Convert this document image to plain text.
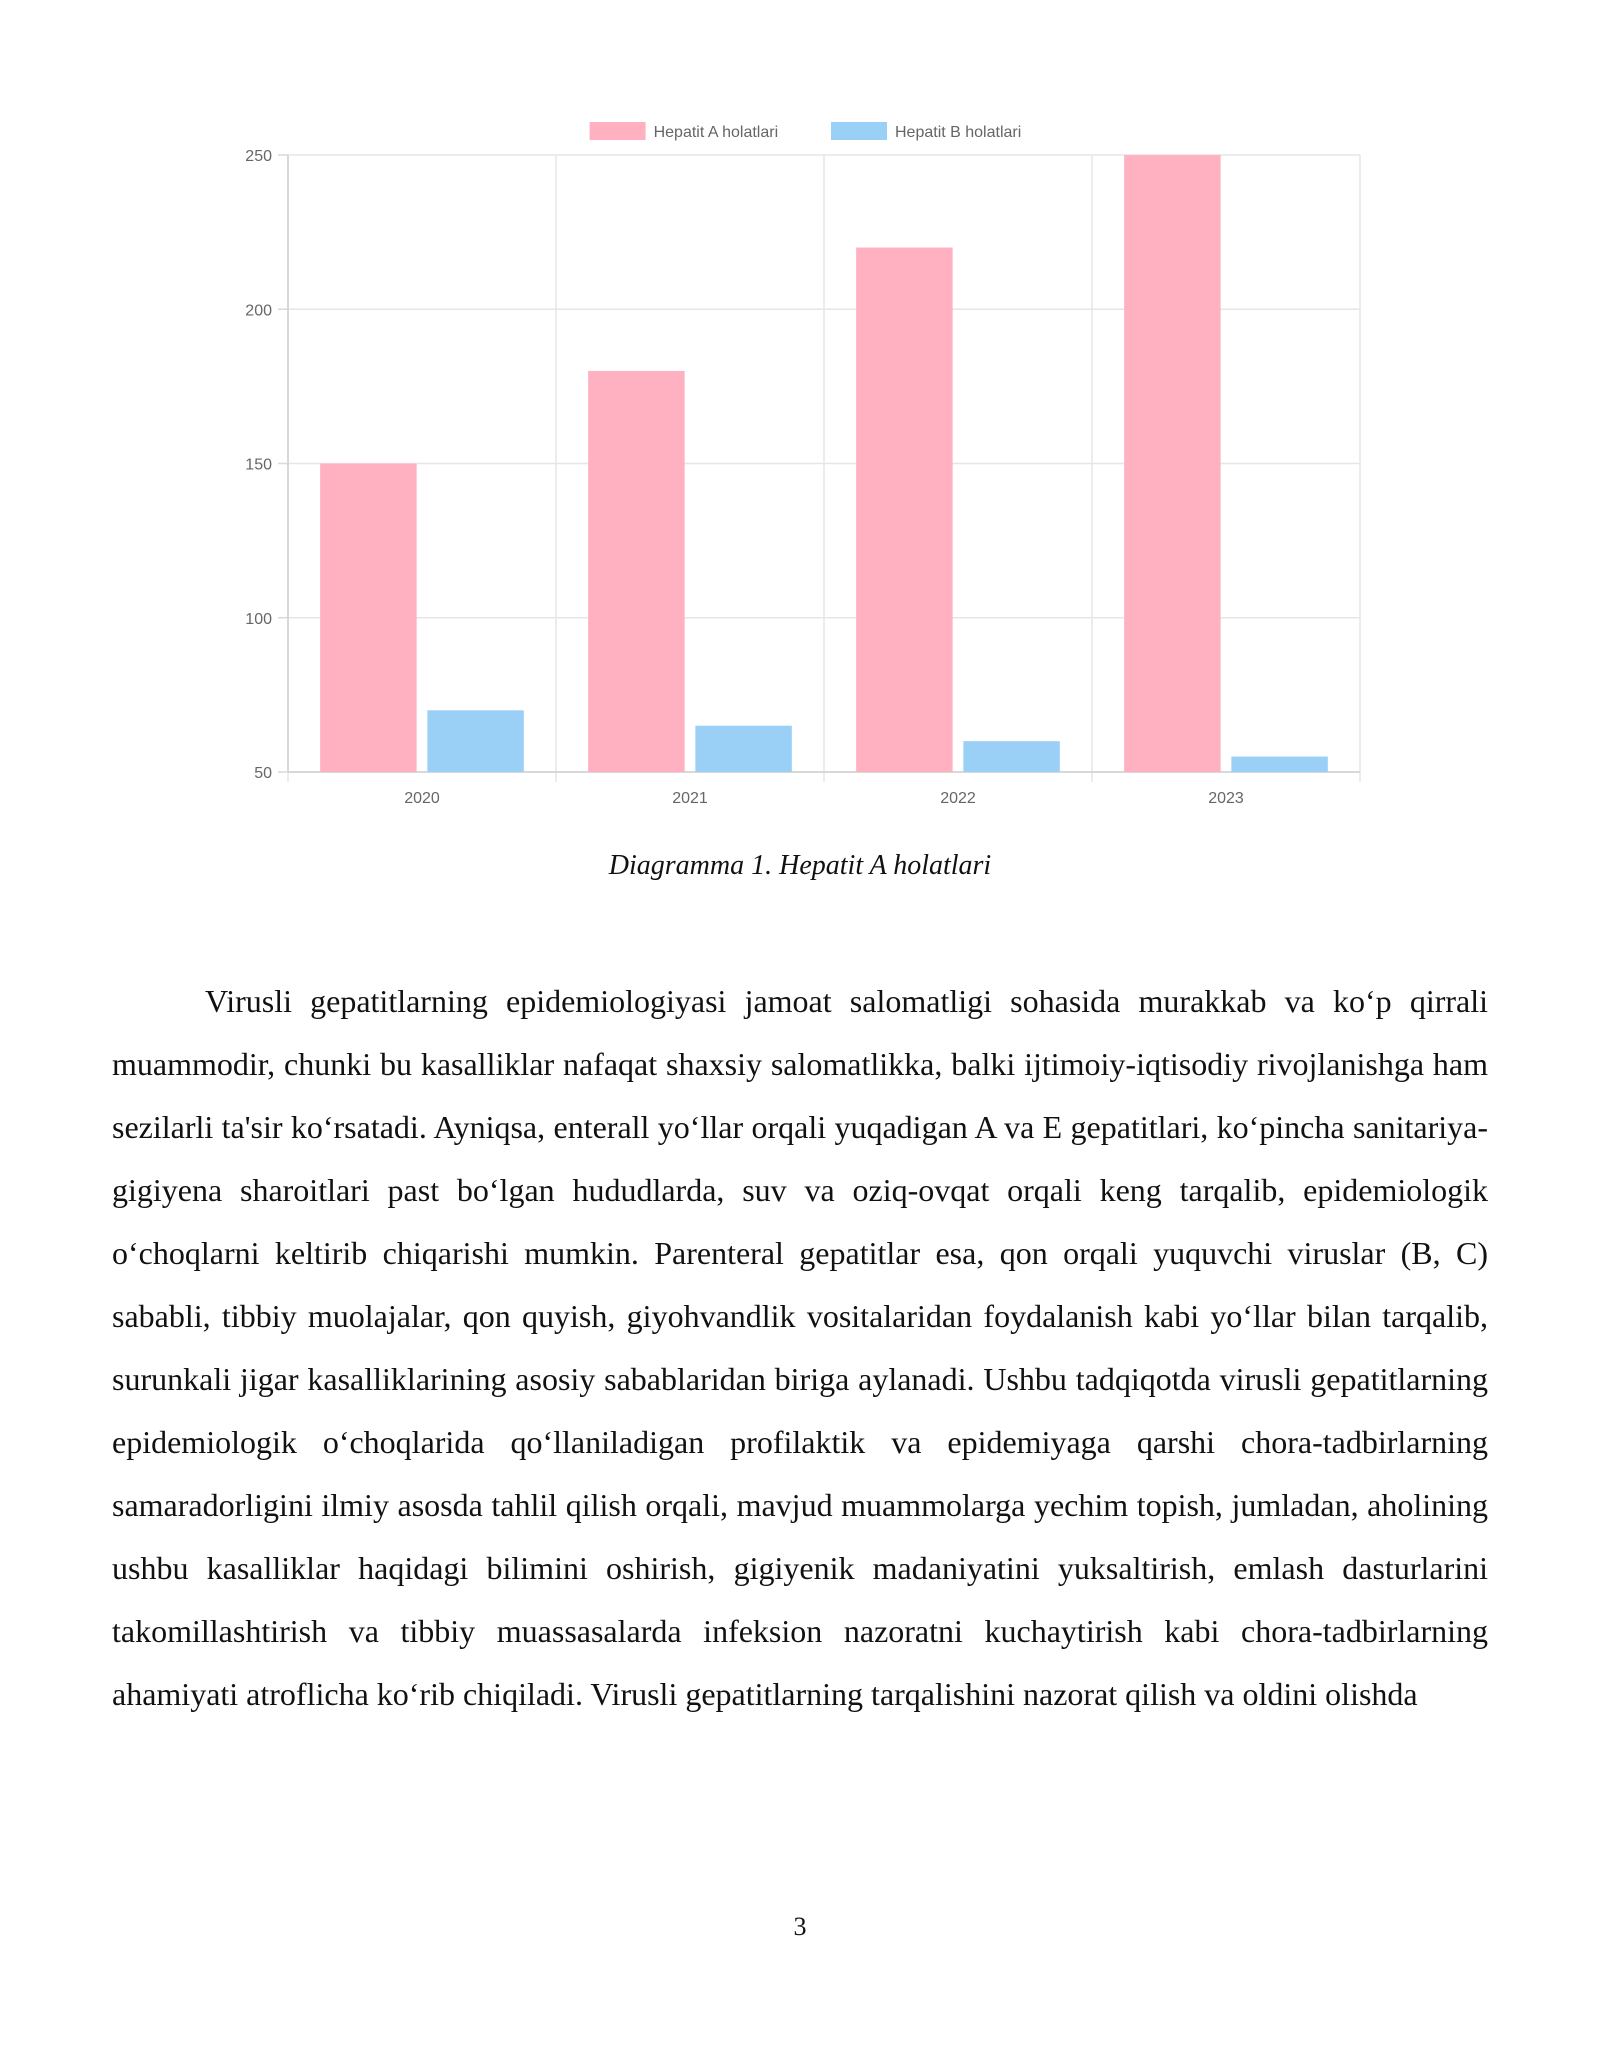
50
100
150
200
250
2020	2021	2022	2023
Hepatit A holatlari	Hepatit B holatlari
Diagramma 1. Hepatit A holatlari

Virusli gepatitlarning epidemiologiyasi jamoat salomatligi sohasida murakkab va ko‘p qirrali muammodir, chunki bu kasalliklar nafaqat shaxsiy salomatlikka, balki ijtimoiy-iqtisodiy rivojlanishga ham sezilarli ta'sir ko‘rsatadi. Ayniqsa, enterall yo‘llar orqali yuqadigan A va E gepatitlari, ko‘pincha sanitariya-gigiyena sharoitlari past bo‘lgan hududlarda, suv va oziq-ovqat orqali keng tarqalib, epidemiologik o‘choqlarni keltirib chiqarishi mumkin. Parenteral gepatitlar esa, qon orqali yuquvchi viruslar (B, C) sababli, tibbiy muolajalar, qon quyish, giyohvandlik vositalaridan foydalanish kabi yo‘llar bilan tarqalib, surunkali jigar kasalliklarining asosiy sabablaridan biriga aylanadi. Ushbu tadqiqotda virusli gepatitlarning epidemiologik o‘choqlarida qo‘llaniladigan profilaktik va epidemiyaga qarshi chora-tadbirlarning samaradorligini ilmiy asosda tahlil qilish orqali, mavjud muammolarga yechim topish, jumladan, aholining ushbu kasalliklar haqidagi bilimini oshirish, gigiyenik madaniyatini yuksaltirish, emlash dasturlarini takomillashtirish va tibbiy muassasalarda infeksion nazoratni kuchaytirish kabi chora-tadbirlarning ahamiyati atroflicha ko‘rib chiqiladi. Virusli gepatitlarning tarqalishini nazorat qilish va oldini olishda

3
